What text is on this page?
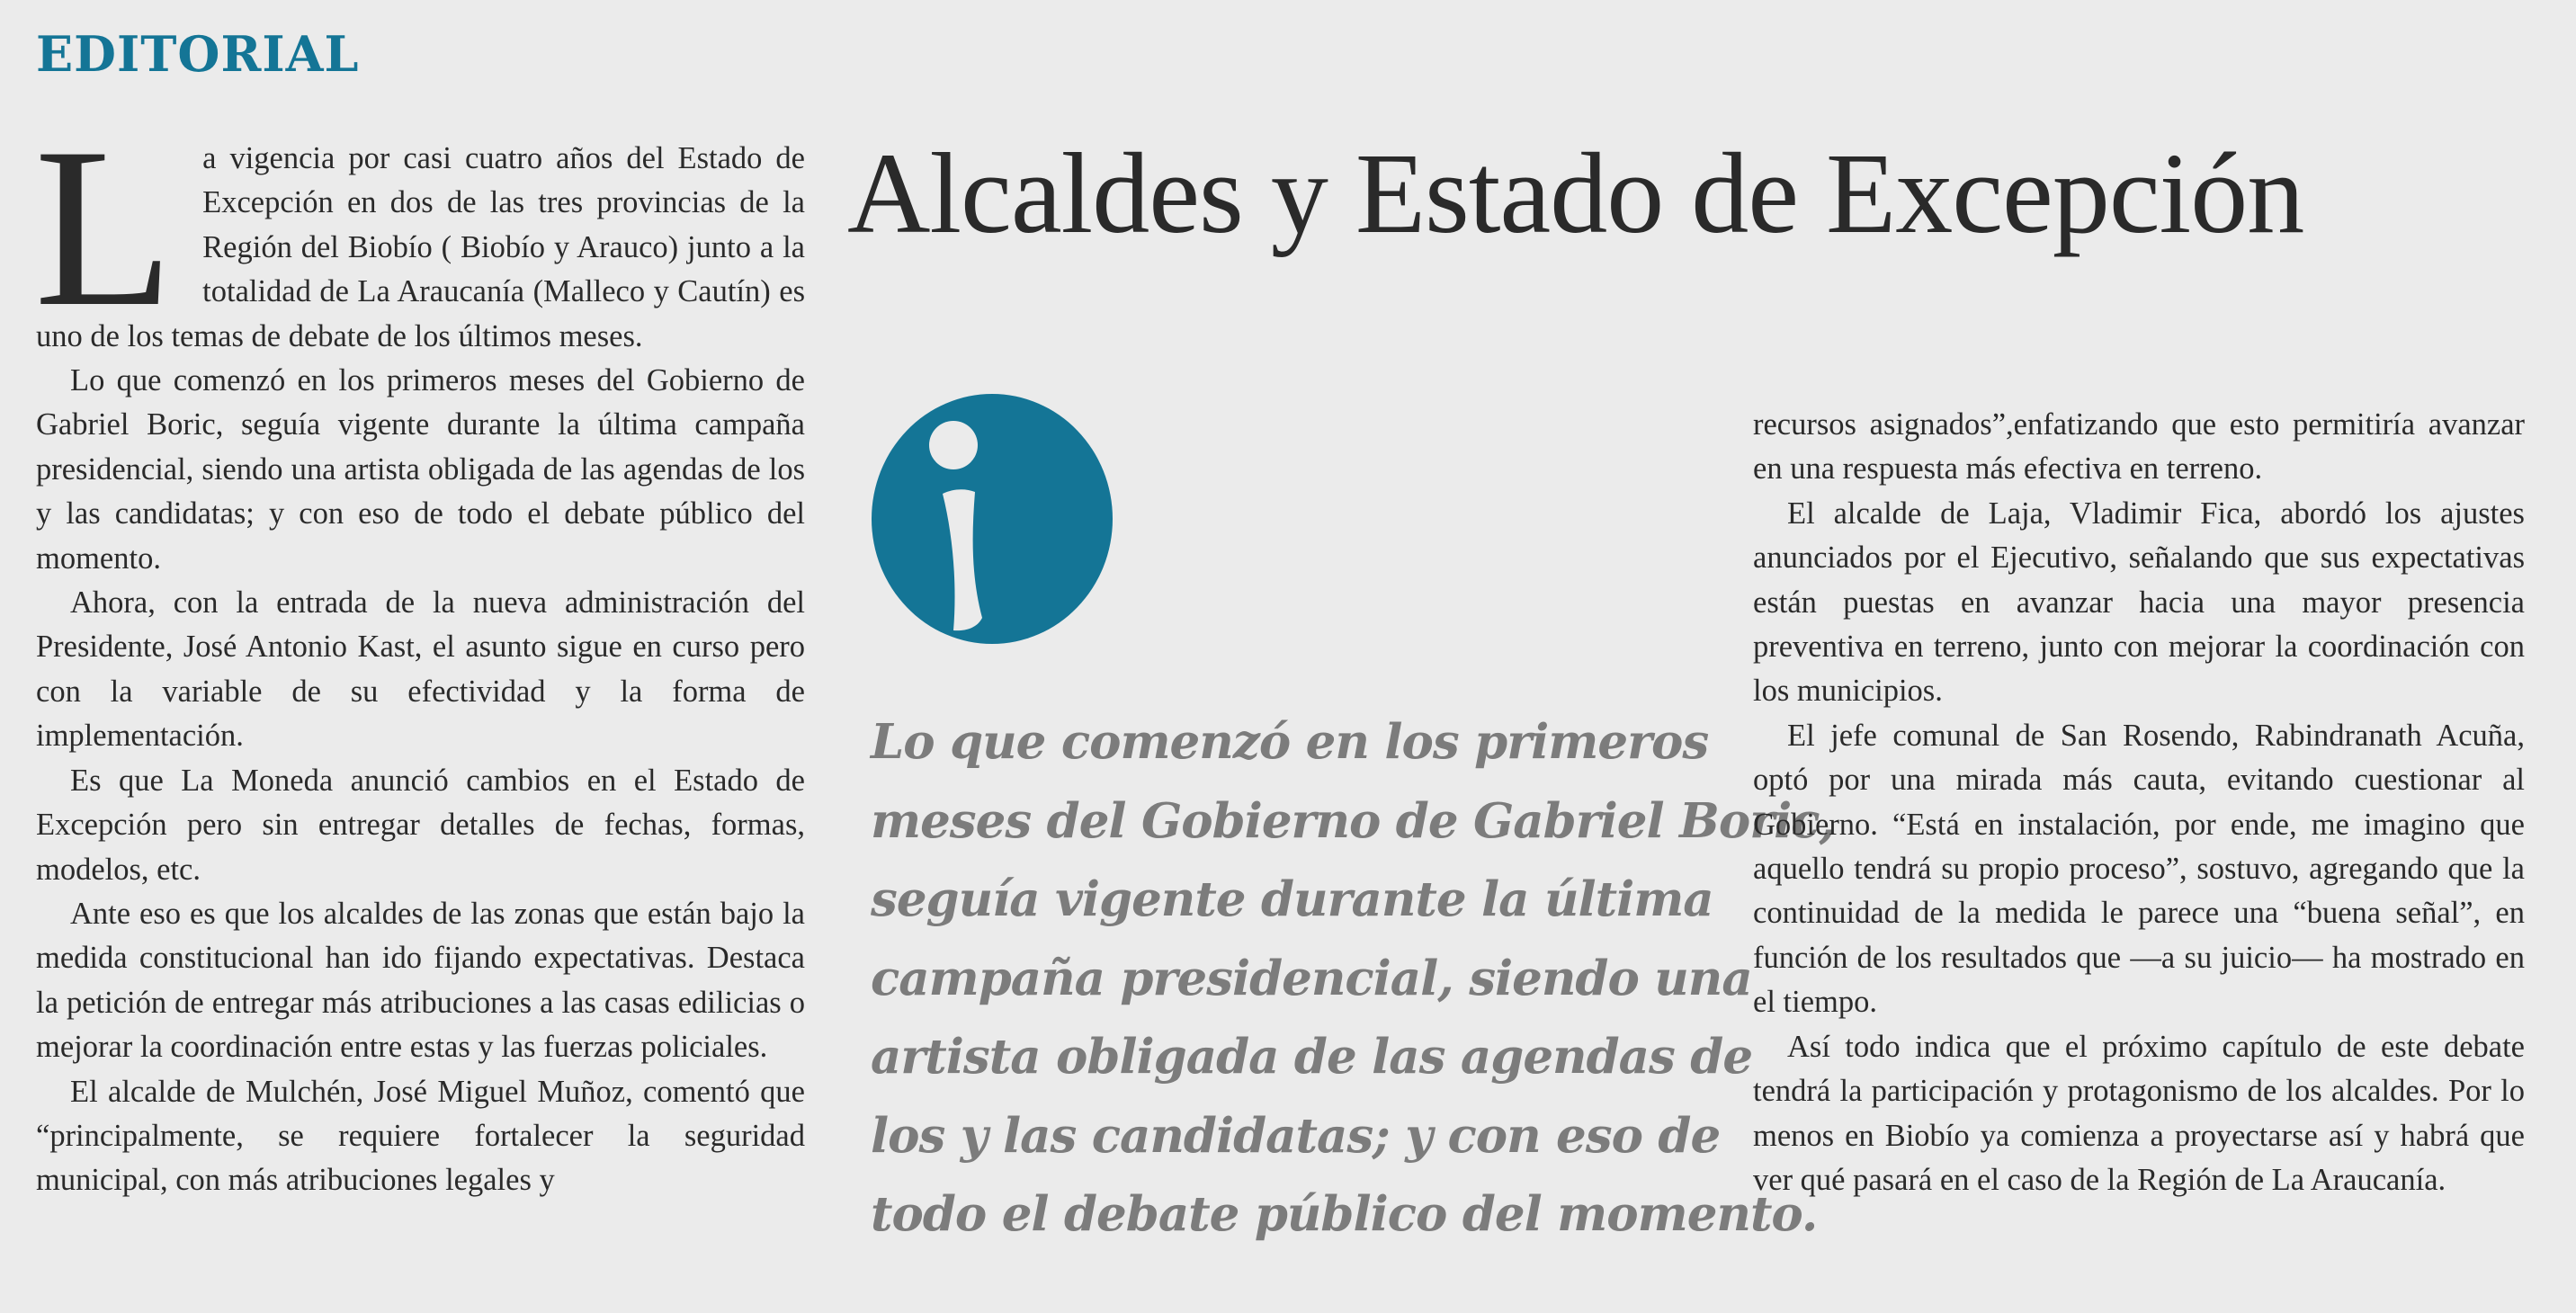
EDITORIAL
Alcaldes y Estado de Excepción
L a vigencia por casi cuatro años del Estado de Excepción en dos de las tres provincias de la Región del Biobío ( Biobío y Arauco) junto a la totalidad de La Araucanía (Malleco y Cautín) es uno de los temas de debate de los últimos meses.

Lo que comenzó en los primeros meses del Gobierno de Gabriel Boric, seguía vigente durante la última campaña presidencial, siendo una artista obligada de las agendas de los y las candidatas; y con eso de todo el debate público del momento.

Ahora, con la entrada de la nueva administración del Presidente, José Antonio Kast, el asunto sigue en curso pero con la variable de su efectividad y la forma de implementación.

Es que La Moneda anunció cambios en el Estado de Excepción pero sin entregar detalles de fechas, formas, modelos, etc.

Ante eso es que los alcaldes de las zonas que están bajo la medida constitucional han ido fijando expectativas. Destaca la petición de entregar más atribuciones a las casas edilicias o mejorar la coordinación entre estas y las fuerzas policiales.

El alcalde de Mulchén, José Miguel Muñoz, comentó que “principalmente, se requiere fortalecer la seguridad municipal, con más atribuciones legales y

Lo que comenzó en los primeros
meses del Gobierno de Gabriel Boric,
seguía vigente durante la última
campaña presidencial, siendo una
artista obligada de las agendas de
los y las candidatas; y con eso de
todo el debate público del momento.

recursos asignados”,enfatizando que esto permitiría avanzar en una respuesta más efectiva en terreno.

El alcalde de Laja, Vladimir Fica, abordó los ajustes anunciados por el Ejecutivo, señalando que sus expectativas están puestas en avanzar hacia una mayor presencia preventiva en terreno, junto con mejorar la coordinación con los municipios.

El jefe comunal de San Rosendo, Rabindranath Acuña, optó por una mirada más cauta, evitando cuestionar al Gobierno. “Está en instalación, por ende, me imagino que aquello tendrá su propio proceso”, sostuvo, agregando que la continuidad de la medida le parece una “buena señal”, en función de los resultados que —a su juicio— ha mostrado en el tiempo.

Así todo indica que el próximo capítulo de este debate tendrá la participación y protagonismo de los alcaldes. Por lo menos en Biobío ya comienza a proyectarse así y habrá que ver qué pasará en el caso de la Región de La Araucanía.
